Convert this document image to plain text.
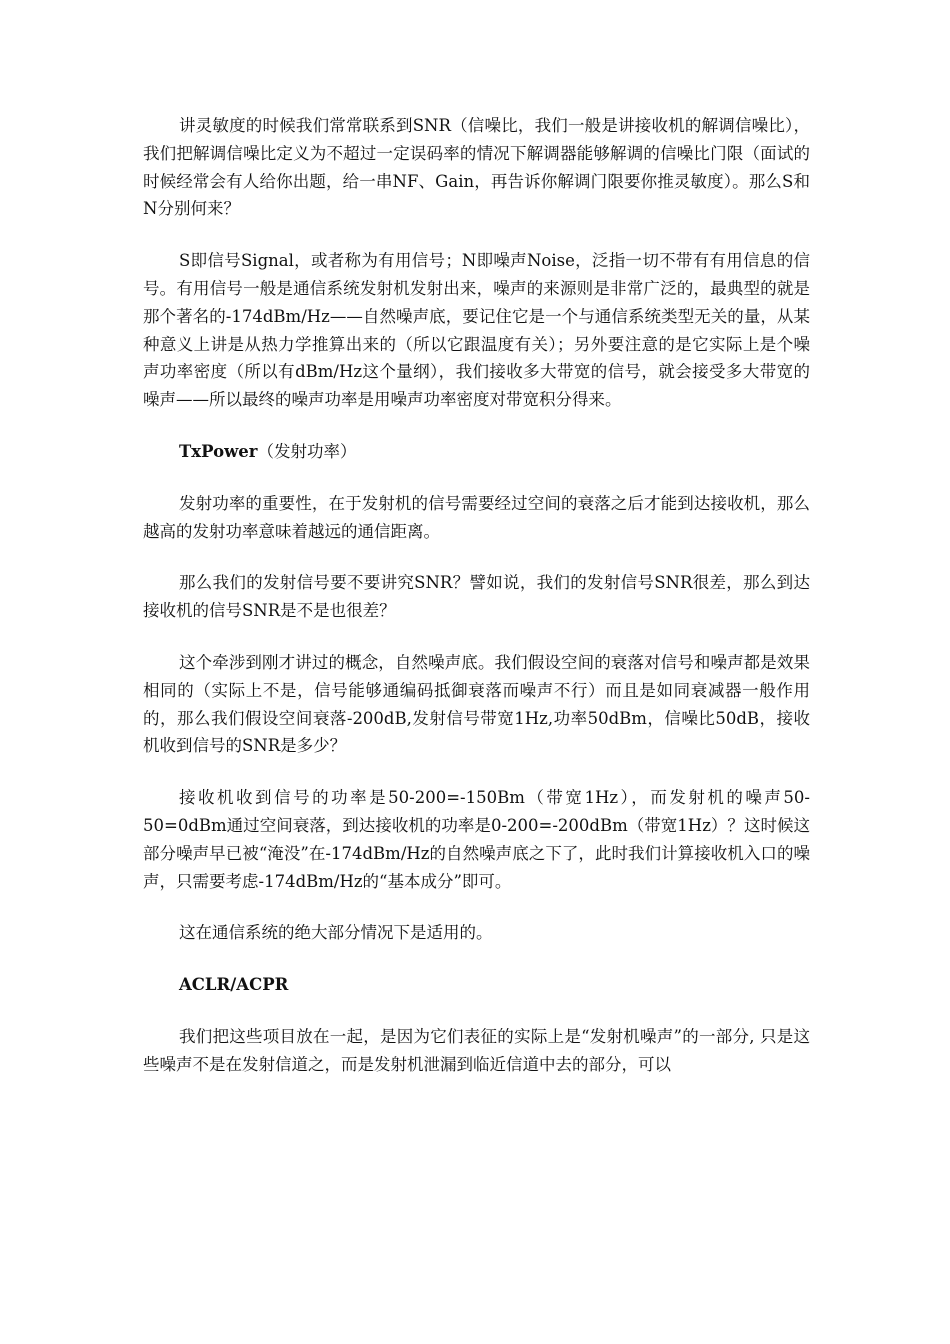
讲灵敏度的时候我们常常联系到SNR（信噪比，我们一般是讲接收机的解调信噪比），我们把解调信噪比定义为不超过一定误码率的情况下解调器能够解调的信噪比门限（面试的时候经常会有人给你出题，给一串NF、Gain，再告诉你解调门限要你推灵敏度）。那么S和N分别何来？

S即信号Signal，或者称为有用信号；N即噪声Noise，泛指一切不带有有用信息的信号。有用信号一般是通信系统发射机发射出来，噪声的来源则是非常广泛的，最典型的就是那个著名的-174dBm/Hz——自然噪声底，要记住它是一个与通信系统类型无关的量，从某种意义上讲是从热力学推算出来的（所以它跟温度有关）；另外要注意的是它实际上是个噪声功率密度（所以有dBm/Hz这个量纲），我们接收多大带宽的信号，就会接受多大带宽的噪声——所以最终的噪声功率是用噪声功率密度对带宽积分得来。

TxPower（发射功率）

发射功率的重要性，在于发射机的信号需要经过空间的衰落之后才能到达接收机，那么越高的发射功率意味着越远的通信距离。

那么我们的发射信号要不要讲究SNR？譬如说，我们的发射信号SNR很差，那么到达接收机的信号SNR是不是也很差？

这个牵涉到刚才讲过的概念，自然噪声底。我们假设空间的衰落对信号和噪声都是效果相同的（实际上不是，信号能够通编码抵御衰落而噪声不行）而且是如同衰减器一般作用的，那么我们假设空间衰落-200dB,发射信号带宽1Hz,功率50dBm，信噪比50dB，接收机收到信号的SNR是多少？

接收机收到信号的功率是50-200=-150Bm（带宽1Hz），而发射机的噪声50-50=0dBm通过空间衰落，到达接收机的功率是0-200=-200dBm（带宽1Hz）？这时候这部分噪声早已被“淹没”在-174dBm/Hz的自然噪声底之下了，此时我们计算接收机入口的噪声，只需要考虑-174dBm/Hz的“基本成分”即可。

这在通信系统的绝大部分情况下是适用的。

ACLR/ACPR

我们把这些项目放在一起，是因为它们表征的实际上是“发射机噪声”的一部分, 只是这些噪声不是在发射信道之，而是发射机泄漏到临近信道中去的部分，可以
